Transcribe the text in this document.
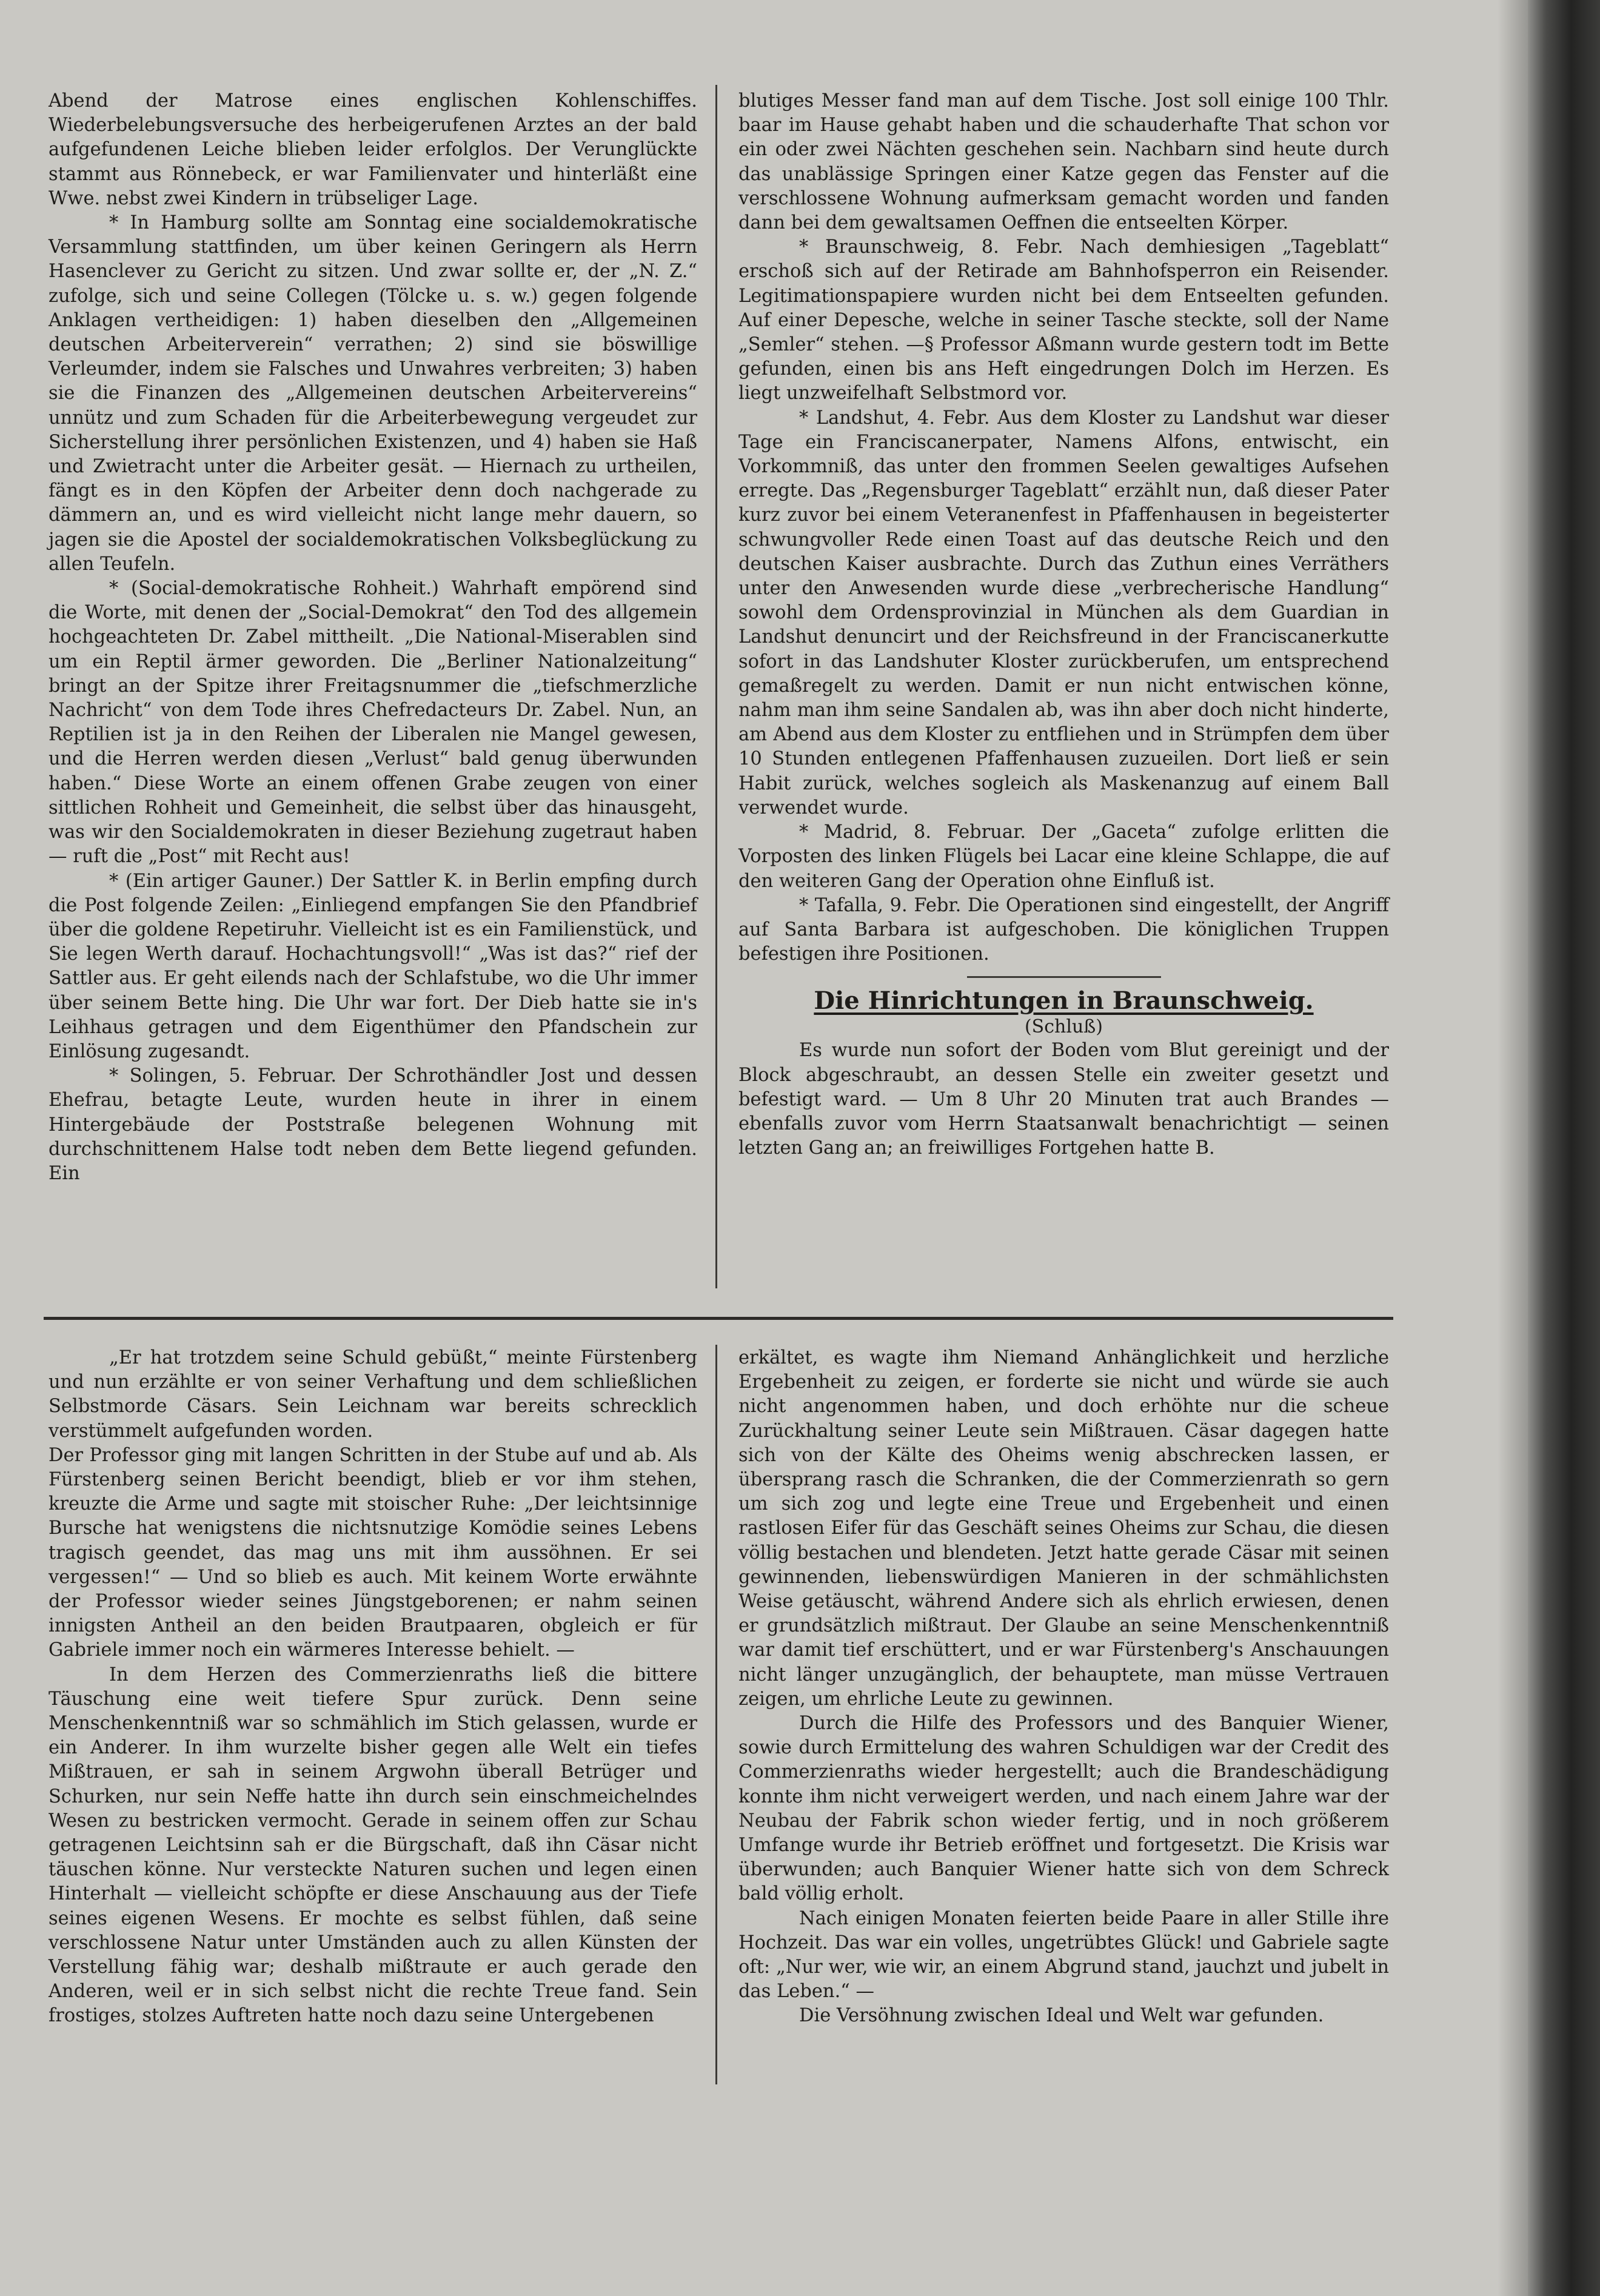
Abend der Matrose eines englischen Kohlenschiffes. Wiederbelebungsversuche des herbeigerufenen Arztes an der bald aufgefundenen Leiche blieben leider erfolglos. Der Verunglückte stammt aus Rönnebeck, er war Familienvater und hinterläßt eine Wwe. nebst zwei Kindern in trübseliger Lage.

* In Hamburg sollte am Sonntag eine socialdemokratische Versammlung stattfinden, um über keinen Geringern als Herrn Hasenclever zu Gericht zu sitzen. Und zwar sollte er, der „N. Z.“ zufolge, sich und seine Collegen (Tölcke u. s. w.) gegen folgende Anklagen vertheidigen: 1) haben dieselben den „Allgemeinen deutschen Arbeiterverein“ verrathen; 2) sind sie böswillige Verleumder, indem sie Falsches und Unwahres verbreiten; 3) haben sie die Finanzen des „Allgemeinen deutschen Arbeitervereins“ unnütz und zum Schaden für die Arbeiterbewegung vergeudet zur Sicherstellung ihrer persönlichen Existenzen, und 4) haben sie Haß und Zwietracht unter die Arbeiter gesät. — Hiernach zu urtheilen, fängt es in den Köpfen der Arbeiter denn doch nachgerade zu dämmern an, und es wird vielleicht nicht lange mehr dauern, so jagen sie die Apostel der socialdemokratischen Volksbeglückung zu allen Teufeln.

* (Social-demokratische Rohheit.) Wahrhaft empörend sind die Worte, mit denen der „Social-Demokrat“ den Tod des allgemein hochgeachteten Dr. Zabel mittheilt. „Die National-Miserablen sind um ein Reptil ärmer geworden. Die „Berliner Nationalzeitung“ bringt an der Spitze ihrer Freitagsnummer die „tiefschmerzliche Nachricht“ von dem Tode ihres Chefredacteurs Dr. Zabel. Nun, an Reptilien ist ja in den Reihen der Liberalen nie Mangel gewesen, und die Herren werden diesen „Verlust“ bald genug überwunden haben.“ Diese Worte an einem offenen Grabe zeugen von einer sittlichen Rohheit und Gemeinheit, die selbst über das hinausgeht, was wir den Socialdemokraten in dieser Beziehung zugetraut haben — ruft die „Post“ mit Recht aus!

* (Ein artiger Gauner.) Der Sattler K. in Berlin empfing durch die Post folgende Zeilen: „Einliegend empfangen Sie den Pfandbrief über die goldene Repetiruhr. Vielleicht ist es ein Familienstück, und Sie legen Werth darauf. Hochachtungsvoll!“ „Was ist das?“ rief der Sattler aus. Er geht eilends nach der Schlafstube, wo die Uhr immer über seinem Bette hing. Die Uhr war fort. Der Dieb hatte sie in's Leihhaus getragen und dem Eigenthümer den Pfandschein zur Einlösung zugesandt.

* Solingen, 5. Februar. Der Schrothändler Jost und dessen Ehefrau, betagte Leute, wurden heute in ihrer in einem Hintergebäude der Poststraße belegenen Wohnung mit durchschnittenem Halse todt neben dem Bette liegend gefunden. Ein

blutiges Messer fand man auf dem Tische. Jost soll einige 100 Thlr. baar im Hause gehabt haben und die schauderhafte That schon vor ein oder zwei Nächten geschehen sein. Nachbarn sind heute durch das unablässige Springen einer Katze gegen das Fenster auf die verschlossene Wohnung aufmerksam gemacht worden und fanden dann bei dem gewaltsamen Oeffnen die entseelten Körper.

* Braunschweig, 8. Febr. Nach demhiesigen „Tageblatt“ erschoß sich auf der Retirade am Bahnhofsperron ein Reisender. Legitimationspapiere wurden nicht bei dem Entseelten gefunden. Auf einer Depesche, welche in seiner Tasche steckte, soll der Name „Semler“ stehen. —§ Professor Aßmann wurde gestern todt im Bette gefunden, einen bis ans Heft eingedrungen Dolch im Herzen. Es liegt unzweifelhaft Selbstmord vor.

* Landshut, 4. Febr. Aus dem Kloster zu Landshut war dieser Tage ein Franciscanerpater, Namens Alfons, entwischt, ein Vorkommniß, das unter den frommen Seelen gewaltiges Aufsehen erregte. Das „Regensburger Tageblatt“ erzählt nun, daß dieser Pater kurz zuvor bei einem Veteranenfest in Pfaffenhausen in begeisterter schwungvoller Rede einen Toast auf das deutsche Reich und den deutschen Kaiser ausbrachte. Durch das Zuthun eines Verräthers unter den Anwesenden wurde diese „verbrecherische Handlung“ sowohl dem Ordensprovinzial in München als dem Guardian in Landshut denuncirt und der Reichsfreund in der Franciscanerkutte sofort in das Landshuter Kloster zurückberufen, um entsprechend gemaßregelt zu werden. Damit er nun nicht entwischen könne, nahm man ihm seine Sandalen ab, was ihn aber doch nicht hinderte, am Abend aus dem Kloster zu entfliehen und in Strümpfen dem über 10 Stunden entlegenen Pfaffenhausen zuzueilen. Dort ließ er sein Habit zurück, welches sogleich als Maskenanzug auf einem Ball verwendet wurde.

* Madrid, 8. Februar. Der „Gaceta“ zufolge erlitten die Vorposten des linken Flügels bei Lacar eine kleine Schlappe, die auf den weiteren Gang der Operation ohne Einfluß ist.

* Tafalla, 9. Febr. Die Operationen sind eingestellt, der Angriff auf Santa Barbara ist aufgeschoben. Die königlichen Truppen befestigen ihre Positionen.

Die Hinrichtungen in Braunschweig.
(Schluß)

Es wurde nun sofort der Boden vom Blut gereinigt und der Block abgeschraubt, an dessen Stelle ein zweiter gesetzt und befestigt ward. — Um 8 Uhr 20 Minuten trat auch Brandes — ebenfalls zuvor vom Herrn Staatsanwalt benachrichtigt — seinen letzten Gang an; an freiwilliges Fortgehen hatte B.

„Er hat trotzdem seine Schuld gebüßt,“ meinte Fürstenberg und nun erzählte er von seiner Verhaftung und dem schließlichen Selbstmorde Cäsars. Sein Leichnam war bereits schrecklich verstümmelt aufgefunden worden.

Der Professor ging mit langen Schritten in der Stube auf und ab. Als Fürstenberg seinen Bericht beendigt, blieb er vor ihm stehen, kreuzte die Arme und sagte mit stoischer Ruhe: „Der leichtsinnige Bursche hat wenigstens die nichtsnutzige Komödie seines Lebens tragisch geendet, das mag uns mit ihm aussöhnen. Er sei vergessen!“ — Und so blieb es auch. Mit keinem Worte erwähnte der Professor wieder seines Jüngstgeborenen; er nahm seinen innigsten Antheil an den beiden Brautpaaren, obgleich er für Gabriele immer noch ein wärmeres Interesse behielt. —

In dem Herzen des Commerzienraths ließ die bittere Täuschung eine weit tiefere Spur zurück. Denn seine Menschenkenntniß war so schmählich im Stich gelassen, wurde er ein Anderer. In ihm wurzelte bisher gegen alle Welt ein tiefes Mißtrauen, er sah in seinem Argwohn überall Betrüger und Schurken, nur sein Neffe hatte ihn durch sein einschmeichelndes Wesen zu bestricken vermocht. Gerade in seinem offen zur Schau getragenen Leichtsinn sah er die Bürgschaft, daß ihn Cäsar nicht täuschen könne. Nur versteckte Naturen suchen und legen einen Hinterhalt — vielleicht schöpfte er diese Anschauung aus der Tiefe seines eigenen Wesens. Er mochte es selbst fühlen, daß seine verschlossene Natur unter Umständen auch zu allen Künsten der Verstellung fähig war; deshalb mißtraute er auch gerade den Anderen, weil er in sich selbst nicht die rechte Treue fand. Sein frostiges, stolzes Auftreten hatte noch dazu seine Untergebenen

erkältet, es wagte ihm Niemand Anhänglichkeit und herzliche Ergebenheit zu zeigen, er forderte sie nicht und würde sie auch nicht angenommen haben, und doch erhöhte nur die scheue Zurückhaltung seiner Leute sein Mißtrauen. Cäsar dagegen hatte sich von der Kälte des Oheims wenig abschrecken lassen, er übersprang rasch die Schranken, die der Commerzienrath so gern um sich zog und legte eine Treue und Ergebenheit und einen rastlosen Eifer für das Geschäft seines Oheims zur Schau, die diesen völlig bestachen und blendeten. Jetzt hatte gerade Cäsar mit seinen gewinnenden, liebenswürdigen Manieren in der schmählichsten Weise getäuscht, während Andere sich als ehrlich erwiesen, denen er grundsätzlich mißtraut. Der Glaube an seine Menschenkenntniß war damit tief erschüttert, und er war Fürstenberg's Anschauungen nicht länger unzugänglich, der behauptete, man müsse Vertrauen zeigen, um ehrliche Leute zu gewinnen.

Durch die Hilfe des Professors und des Banquier Wiener, sowie durch Ermittelung des wahren Schuldigen war der Credit des Commerzienraths wieder hergestellt; auch die Brandeschädigung konnte ihm nicht verweigert werden, und nach einem Jahre war der Neubau der Fabrik schon wieder fertig, und in noch größerem Umfange wurde ihr Betrieb eröffnet und fortgesetzt. Die Krisis war überwunden; auch Banquier Wiener hatte sich von dem Schreck bald völlig erholt.

Nach einigen Monaten feierten beide Paare in aller Stille ihre Hochzeit. Das war ein volles, ungetrübtes Glück! und Gabriele sagte oft: „Nur wer, wie wir, an einem Abgrund stand, jauchzt und jubelt in das Leben.“ —

Die Versöhnung zwischen Ideal und Welt war gefunden.
